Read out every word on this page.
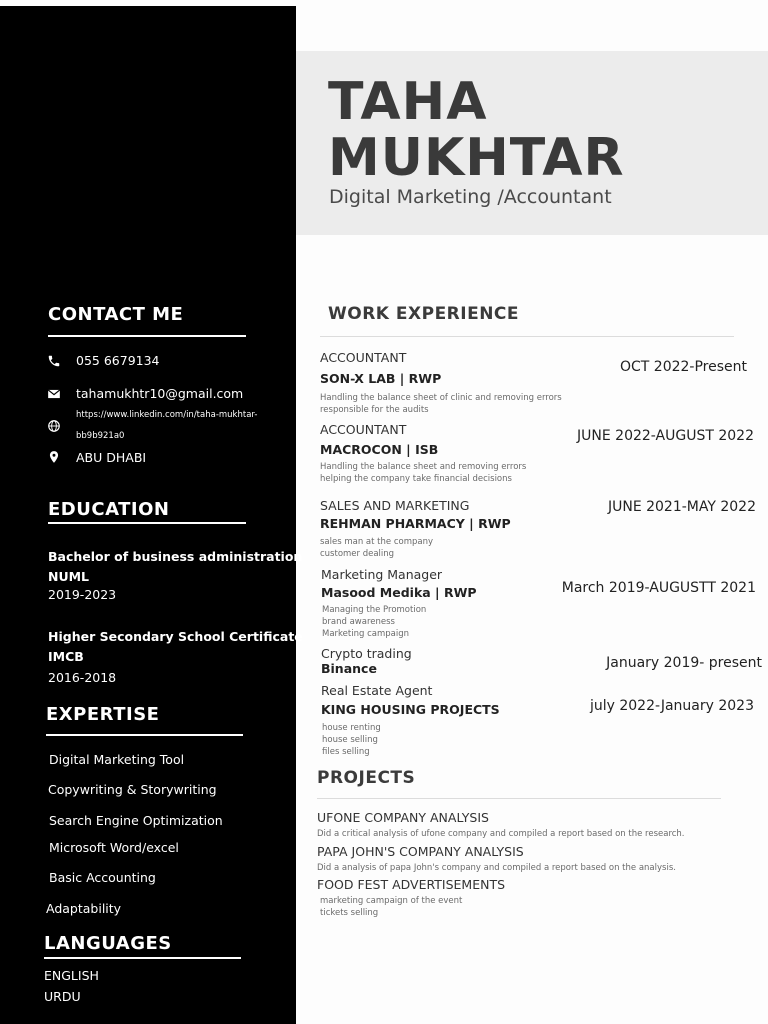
TAHA
MUKHTAR
Digital Marketing /Accountant
CONTACT ME
055 6679134
tahamukhtr10@gmail.com
https://www.linkedin.com/in/taha-mukhtar-
bb9b921a0
ABU DHABI
EDUCATION
Bachelor of business administration
NUML
2019-2023
Higher Secondary School Certificate
IMCB
2016-2018
EXPERTISE
Digital Marketing Tool
Copywriting & Storywriting
Search Engine Optimization
Microsoft Word/excel
Basic Accounting
Adaptability
LANGUAGES
ENGLISH
URDU
WORK EXPERIENCE
ACCOUNTANT
SON-X LAB | RWP
Handling the balance sheet of clinic and removing errors
responsible for the audits
OCT 2022-Present
ACCOUNTANT
MACROCON | ISB
Handling the balance sheet and removing errors
helping the company take financial decisions
JUNE 2022-AUGUST 2022
SALES AND MARKETING
REHMAN PHARMACY | RWP
sales man at the company
customer dealing
JUNE 2021-MAY 2022
Marketing Manager
Masood Medika | RWP
Managing the Promotion
brand awareness
Marketing campaign
March 2019-AUGUSTT 2021
Crypto trading
Binance	January 2019- present
Real Estate Agent
KING HOUSING PROJECTS
house renting
house selling
files selling
july 2022-January 2023
PROJECTS
UFONE COMPANY ANALYSIS
Did a critical analysis of ufone company and compiled a report based on the research.
PAPA JOHN'S COMPANY ANALYSIS
Did a analysis of papa John's company and compiled a report based on the analysis.
FOOD FEST ADVERTISEMENTS
marketing campaign of the event
tickets selling
